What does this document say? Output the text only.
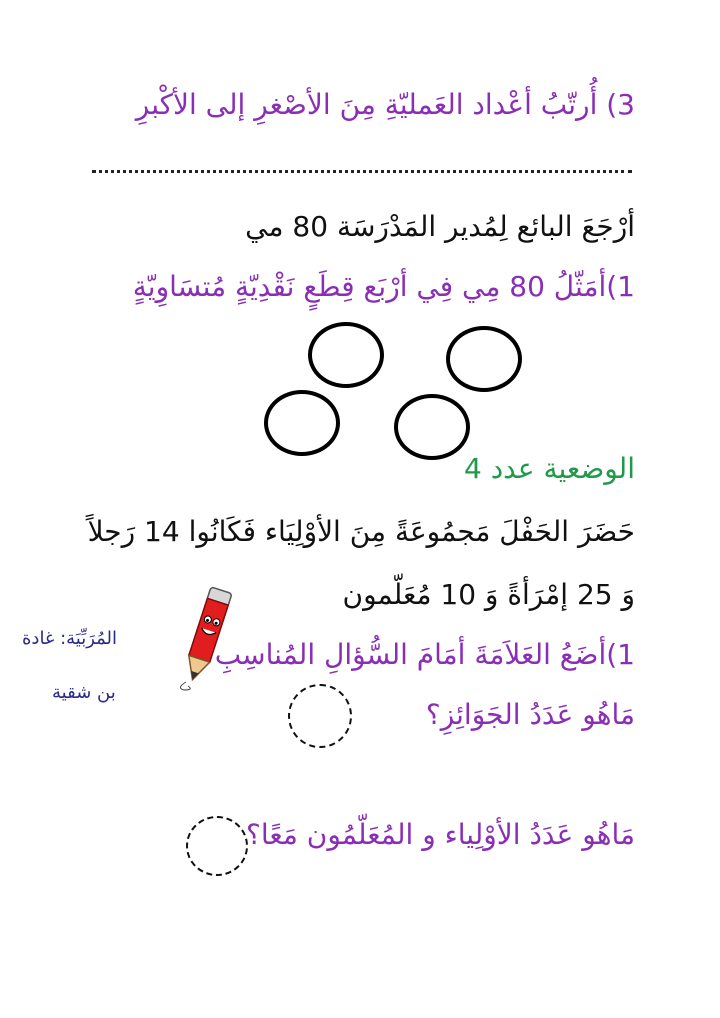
3) أُرتّبُ أعْداد العَمليّةِ مِنَ الأصْغرِ إلى الأكْبرِ
أرْجَعَ البائع لِمُدير المَدْرَسَة 80 مي
1)أمَثّلُ 80 مِي فِي أرْبَع قِطَعٍ نَقْدِيّةٍ مُتسَاوِيّةٍ
الوضعية عدد 4
حَضَرَ الحَفْلَ مَجمُوعَةً مِنَ الأوْلِيَاء فَكَانُوا 14 رَجلاً
وَ 25 إمْرَأةً وَ 10 مُعَلّمون
1)أضَعُ العَلاَمَةَ أمَامَ السُّؤالِ المُناسِبِ
المُرَبِّيَة: غادة
بن شقية
مَاهُو عَدَدُ الجَوَائِزِ؟
مَاهُو عَدَدُ الأوْلِياء و المُعَلّمُون مَعًا؟
